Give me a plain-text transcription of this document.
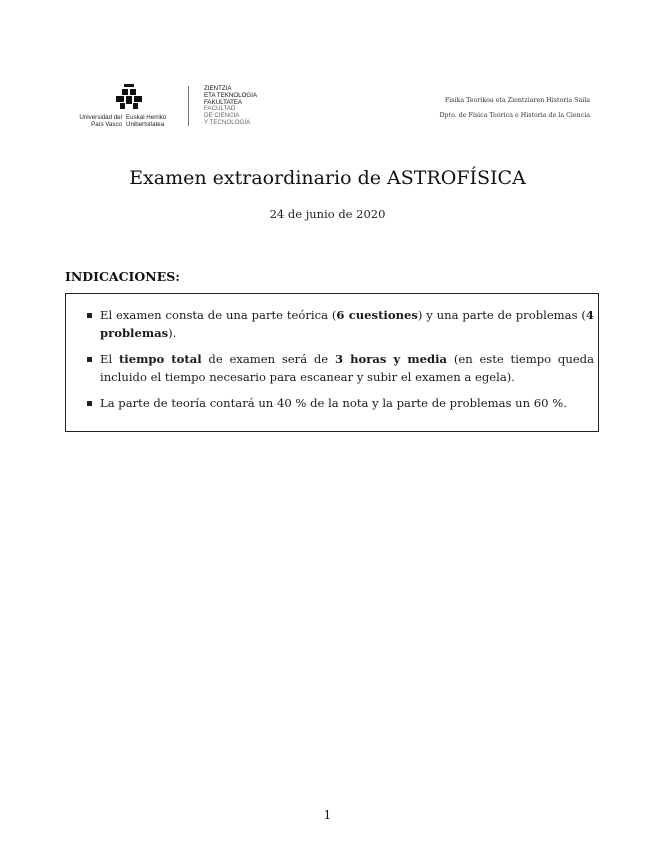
Universidad del País Vasco
Euskal Herriko Unibertsitatea
ZIENTZIA
ETA TEKNOLOGIA
FAKULTATEA
FACULTAD
DE CIENCIA
Y TECNOLOGÍA
Fisika Teorikoa eta Zientziaren Historia Saila
Dpto. de Física Teórica e Historia de la Ciencia
Examen extraordinario de ASTROFÍSICA
24 de junio de 2020
INDICACIONES:
El examen consta de una parte teórica (6 cuestiones) y una parte de problemas (4 problemas).
El tiempo total de examen será de 3 horas y media (en este tiempo queda incluido el tiempo necesario para escanear y subir el examen a egela).
La parte de teoría contará un 40 % de la nota y la parte de problemas un 60 %.
1
